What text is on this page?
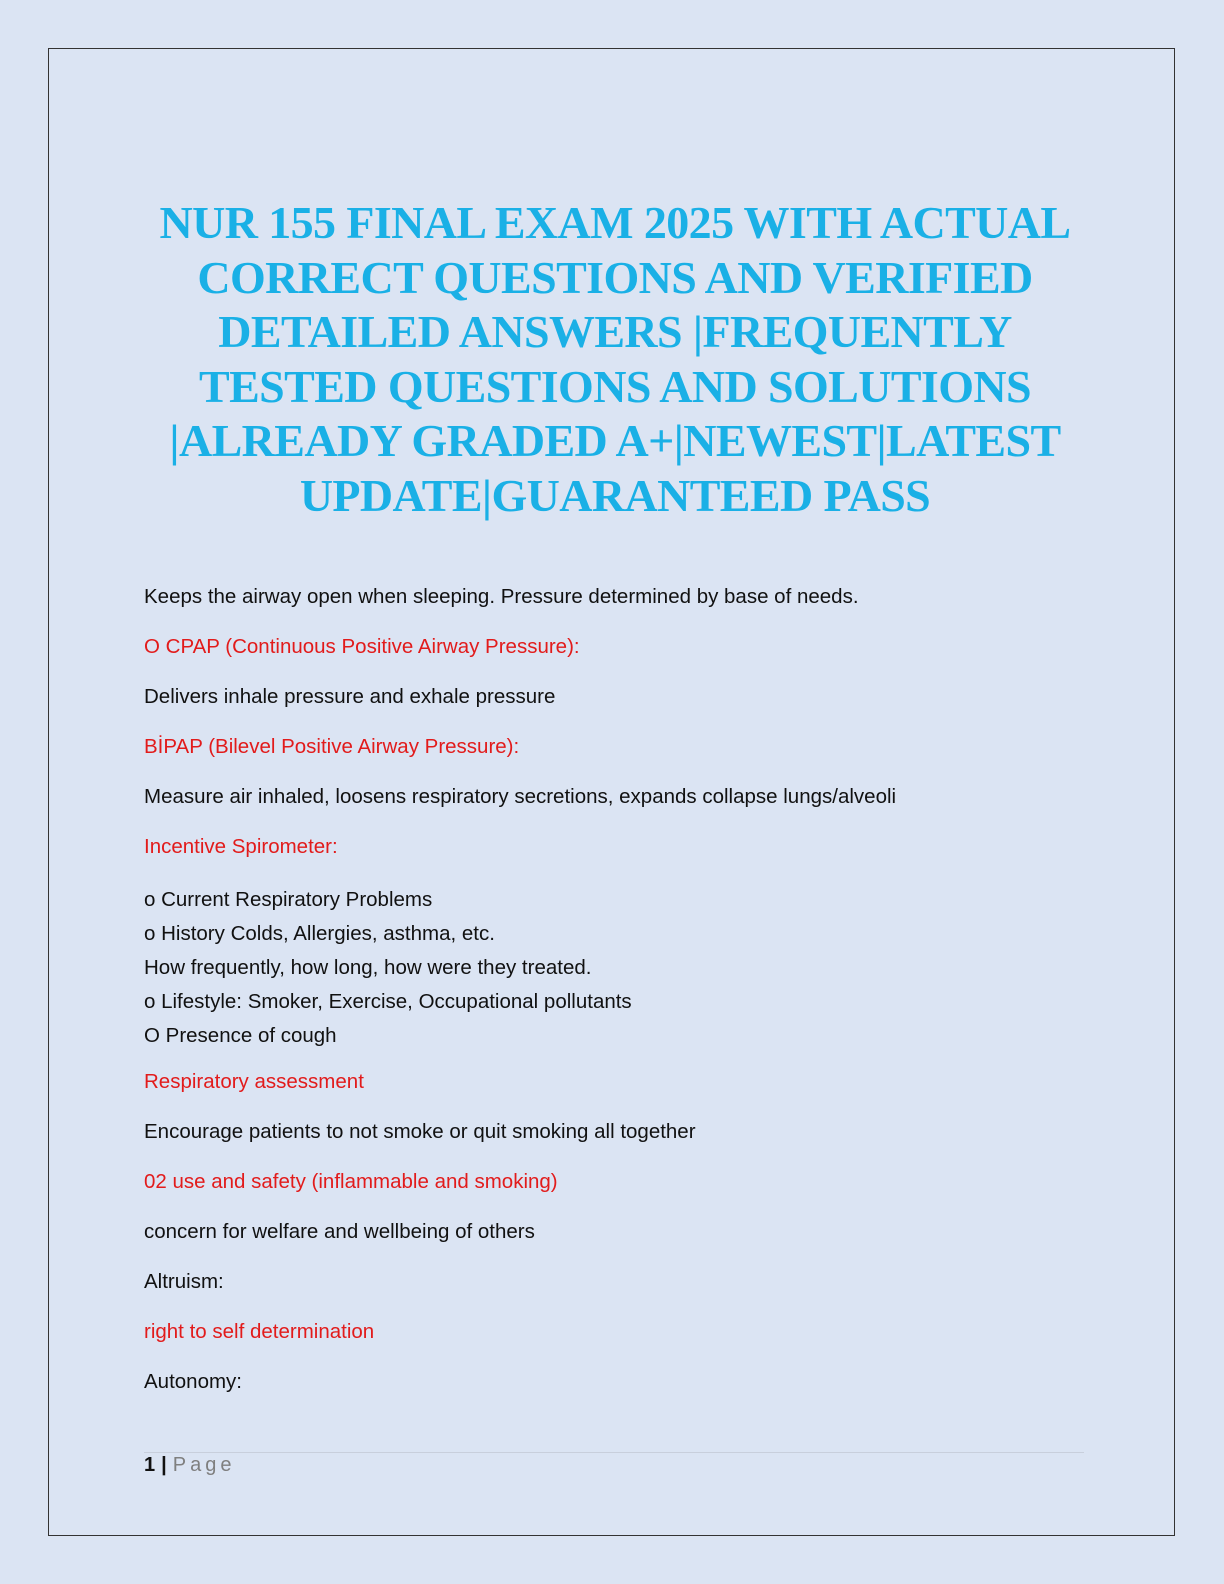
NUR 155 FINAL EXAM 2025 WITH ACTUAL
CORRECT QUESTIONS AND VERIFIED
DETAILED ANSWERS |FREQUENTLY
TESTED QUESTIONS AND SOLUTIONS
|ALREADY GRADED A+|NEWEST|LATEST
UPDATE|GUARANTEED PASS

Keeps the airway open when sleeping. Pressure determined by base of needs.

O CPAP (Continuous Positive Airway Pressure):

Delivers inhale pressure and exhale pressure

BİPAP (Bilevel Positive Airway Pressure):

Measure air inhaled, loosens respiratory secretions, expands collapse lungs/alveoli

Incentive Spirometer:

o Current Respiratory Problems

o History Colds, Allergies, asthma, etc.

How frequently, how long, how were they treated.

o Lifestyle: Smoker, Exercise, Occupational pollutants

O Presence of cough

Respiratory assessment

Encourage patients to not smoke or quit smoking all together

02 use and safety (inflammable and smoking)

concern for welfare and wellbeing of others

Altruism:

right to self determination

Autonomy:

1 | Page
